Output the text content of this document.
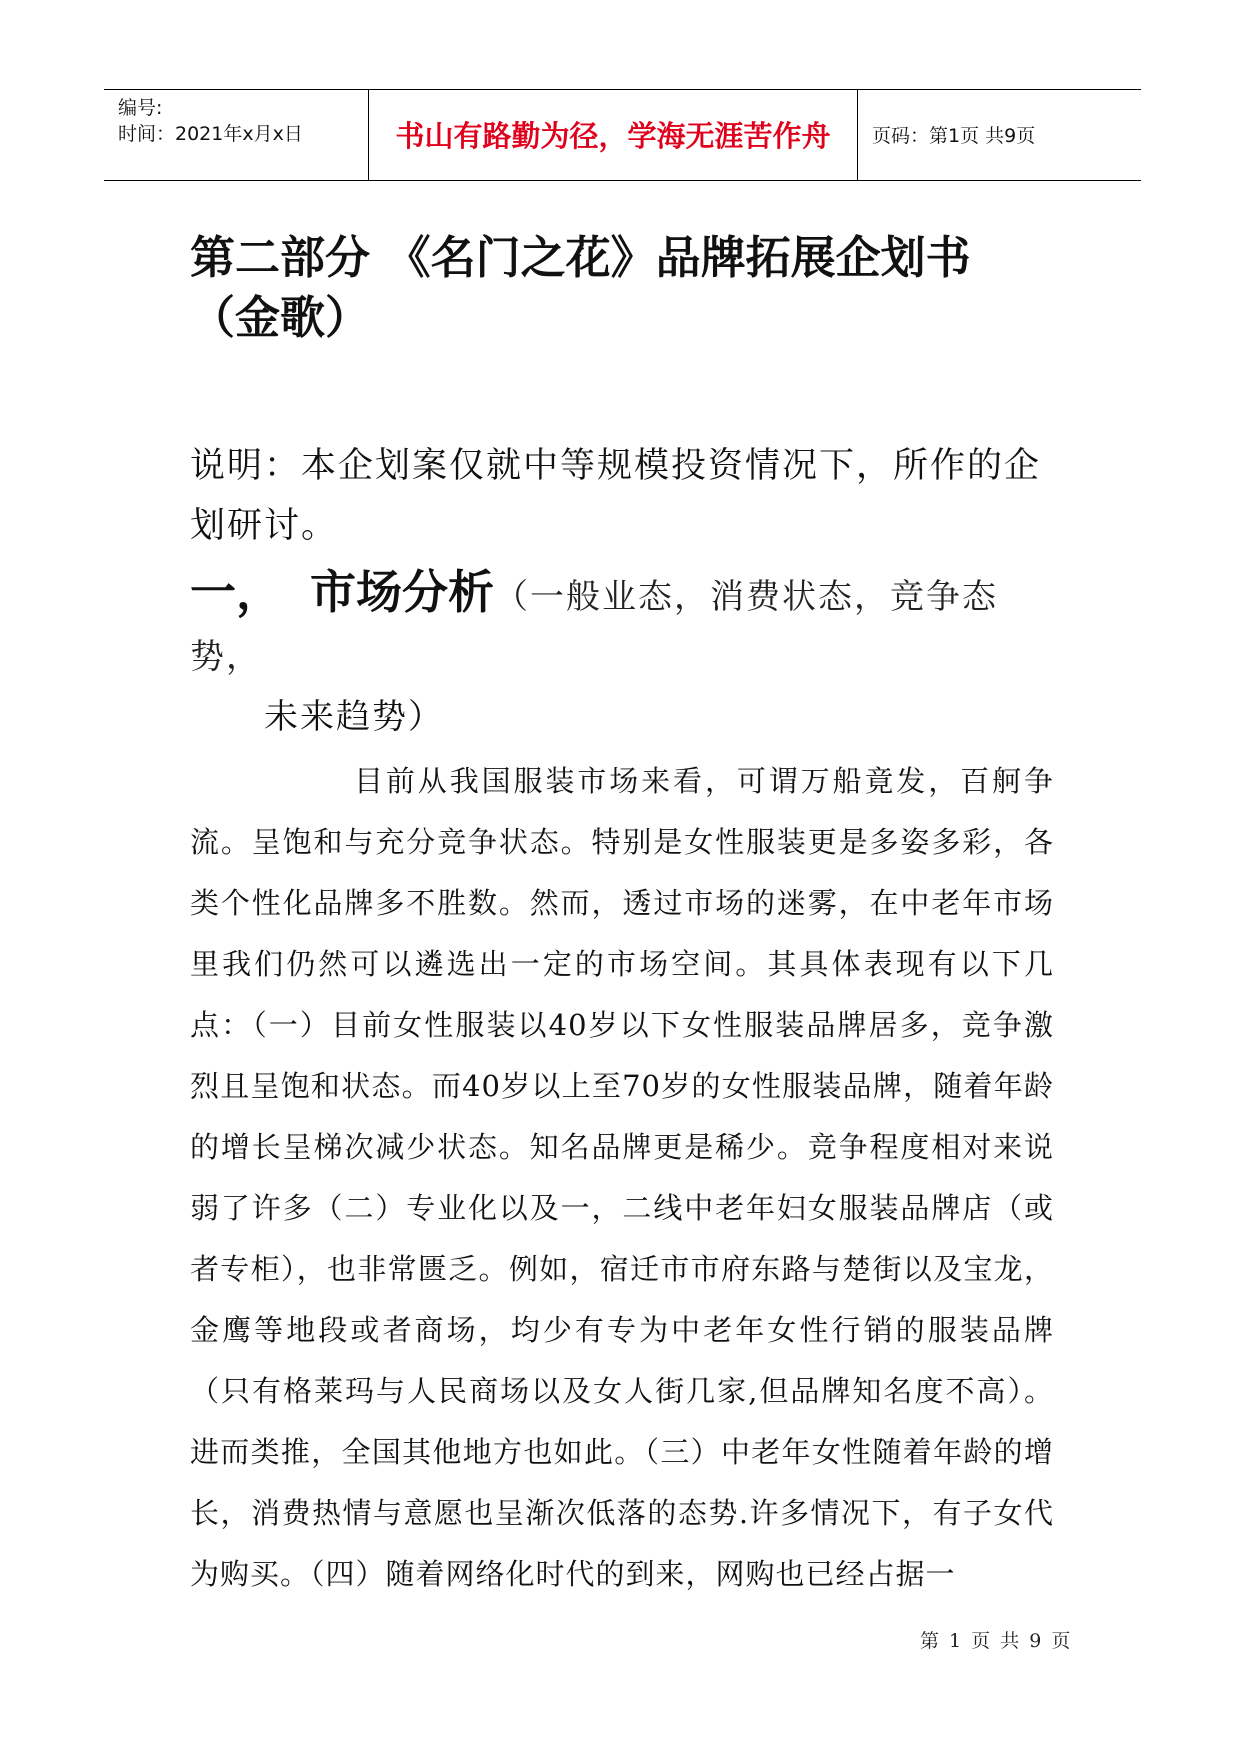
编号:
时间：2021年x月x日	书山有路勤为径，学海无涯苦作舟	页码：第1页 共9页
第二部分 《名门之花》品牌拓展企划书（金歌）
说明：本企划案仅就中等规模投资情况下，所作的企划研讨。
一， 市场分析（一般业态，消费状态，竞争态势，
未来趋势）

目前从我国服装市场来看，可谓万船竟发，百舸争流。呈饱和与充分竞争状态。特别是女性服装更是多姿多彩，各类个性化品牌多不胜数。然而，透过市场的迷雾，在中老年市场里我们仍然可以遴选出一定的市场空间。其具体表现有以下几点：（一）目前女性服装以40岁以下女性服装品牌居多，竞争激烈且呈饱和状态。而40岁以上至70岁的女性服装品牌，随着年龄的增长呈梯次减少状态。知名品牌更是稀少。竞争程度相对来说弱了许多（二）专业化以及一，二线中老年妇女服装品牌店（或者专柜），也非常匮乏。例如，宿迁市市府东路与楚街以及宝龙，金鹰等地段或者商场，均少有专为中老年女性行销的服装品牌（只有格莱玛与人民商场以及女人街几家,但品牌知名度不高）。进而类推，全国其他地方也如此。（三）中老年女性随着年龄的增长，消费热情与意愿也呈渐次低落的态势.许多情况下，有子女代为购买。（四）随着网络化时代的到来，网购也已经占据一

第 1 页 共 9 页
